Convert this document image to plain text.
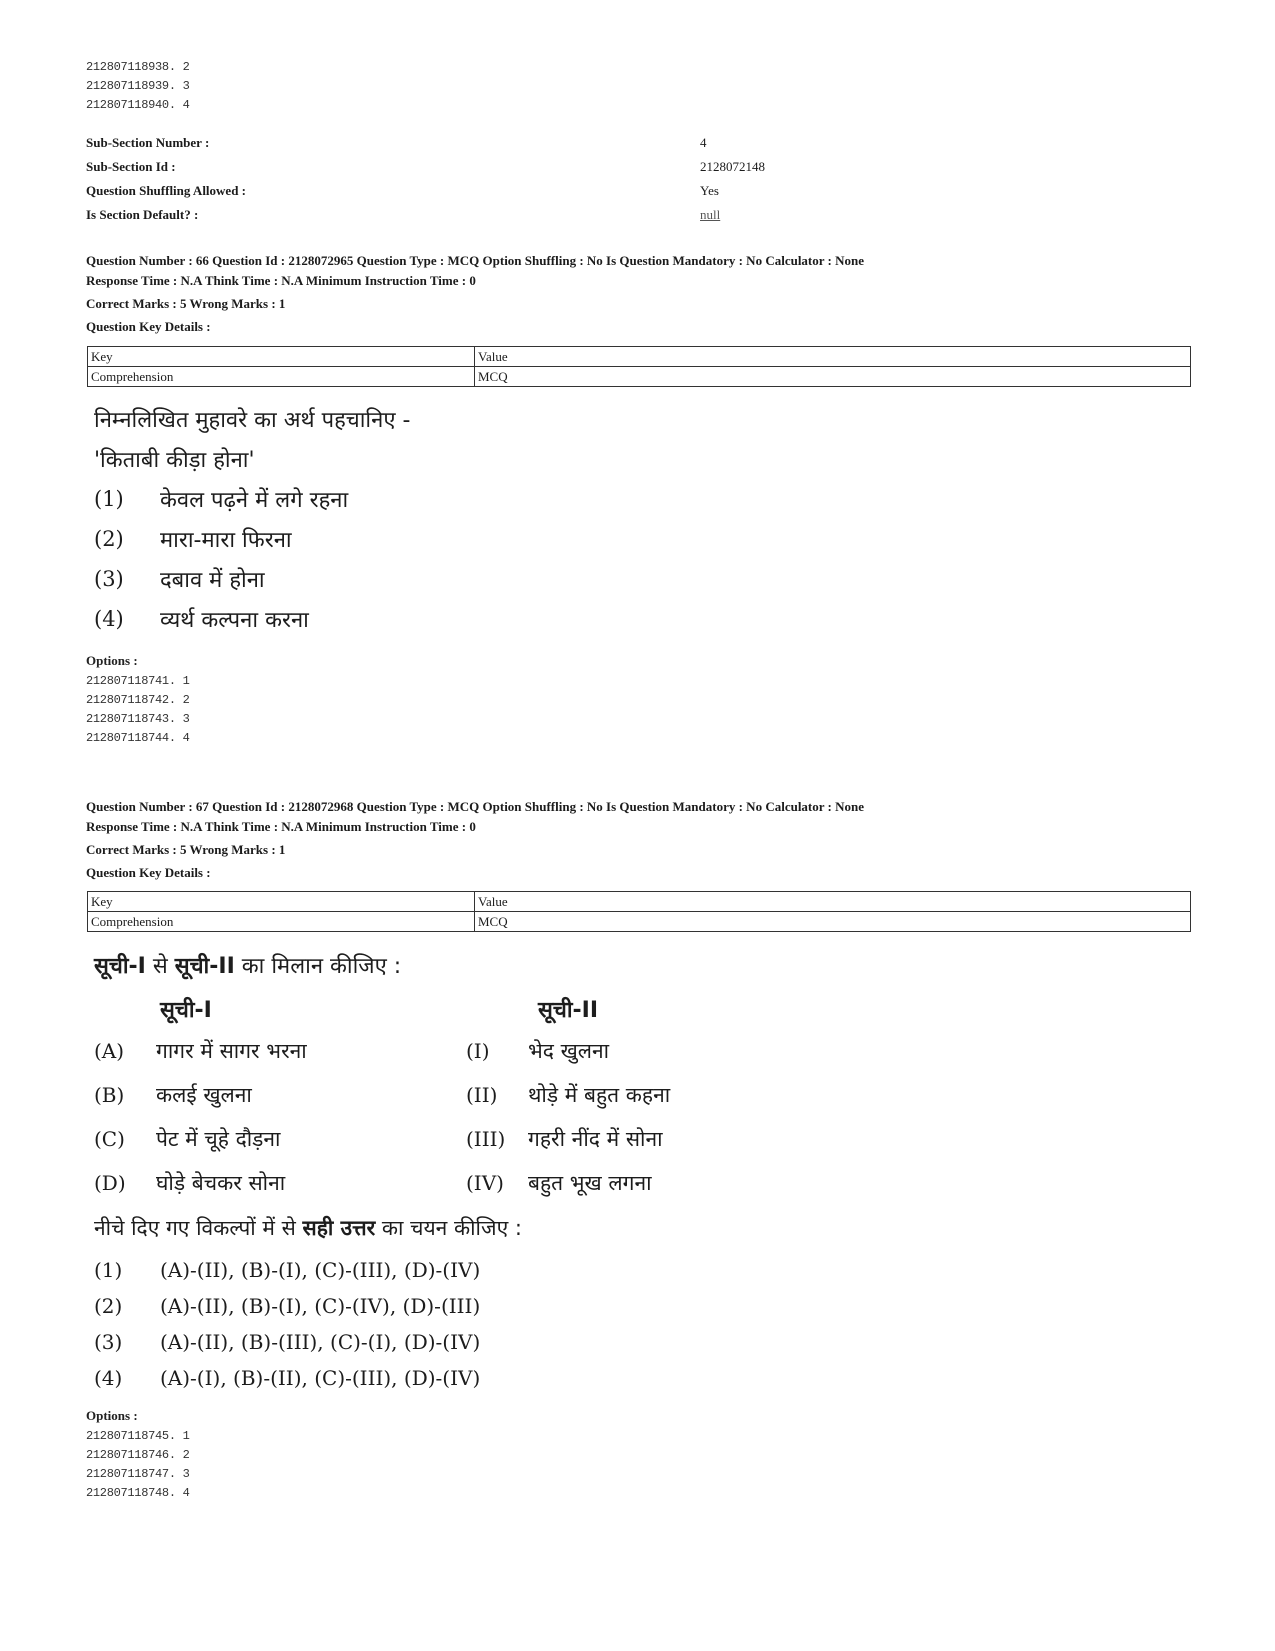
212807118938. 2
212807118939. 3
212807118940. 4
Sub-Section Number :	4
Sub-Section Id :	2128072148
Question Shuffling Allowed :	Yes
Is Section Default? :	null
Question Number : 66 Question Id : 2128072965 Question Type : MCQ Option Shuffling : No Is Question Mandatory : No Calculator : None
Response Time : N.A Think Time : N.A Minimum Instruction Time : 0
Correct Marks : 5 Wrong Marks : 1
Question Key Details :
Key	Value
Comprehension	MCQ
निम्नलिखित मुहावरे का अर्थ पहचानिए -
'किताबी कीड़ा होना'
(1)	केवल पढ़ने में लगे रहना
(2)	मारा-मारा फिरना
(3)	दबाव में होना
(4)	व्यर्थ कल्पना करना
Options :
212807118741. 1
212807118742. 2
212807118743. 3
212807118744. 4
Question Number : 67 Question Id : 2128072968 Question Type : MCQ Option Shuffling : No Is Question Mandatory : No Calculator : None
Response Time : N.A Think Time : N.A Minimum Instruction Time : 0
Correct Marks : 5 Wrong Marks : 1
Question Key Details :
Key	Value
Comprehension	MCQ
सूची-I से सूची-II का मिलान कीजिए :
सूची-I	सूची-II
(A)	गागर में सागर भरना	(I)	भेद खुलना
(B)	कलई खुलना	(II)	थोड़े में बहुत कहना
(C)	पेट में चूहे दौड़ना	(III)	गहरी नींद में सोना
(D)	घोड़े बेचकर सोना	(IV)	बहुत भूख लगना
नीचे दिए गए विकल्पों में से सही उत्तर का चयन कीजिए :
(1)	(A)-(II), (B)-(I), (C)-(III), (D)-(IV)
(2)	(A)-(II), (B)-(I), (C)-(IV), (D)-(III)
(3)	(A)-(II), (B)-(III), (C)-(I), (D)-(IV)
(4)	(A)-(I), (B)-(II), (C)-(III), (D)-(IV)
Options :
212807118745. 1
212807118746. 2
212807118747. 3
212807118748. 4
